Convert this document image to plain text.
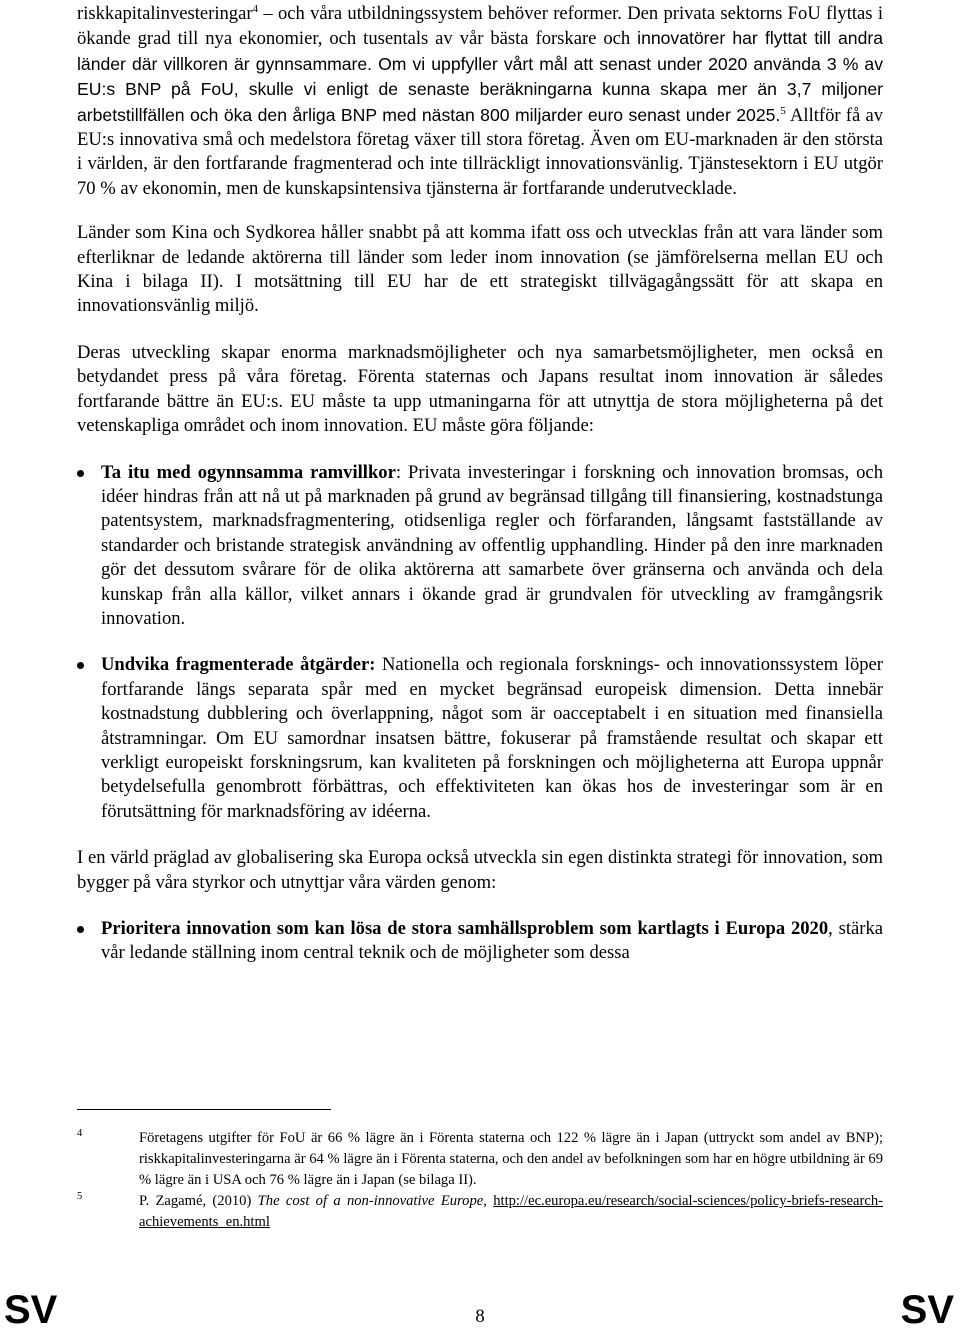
riskkapitalinvesteringar$^4$ – och våra utbildningssystem behöver reformer. Den privata sektorns FoU flyttas i ökande grad till nya ekonomier, och tusentals av vår bästa forskare och innovatörer har flyttat till andra länder där villkoren är gynnsammare. Om vi uppfyller vårt mål att senast under 2020 använda 3 % av EU:s BNP på FoU, skulle vi enligt de senaste beräkningarna kunna skapa mer än 3,7 miljoner arbetstillfällen och öka den årliga BNP med nästan 800 miljarder euro senast under 2025.$^5$ Alltför få av EU:s innovativa små och medelstora företag växer till stora företag. Även om EU-marknaden är den största i världen, är den fortfarande fragmenterad och inte tillräckligt innovationsvänlig. Tjänstesektorn i EU utgör 70 % av ekonomin, men de kunskapsintensiva tjänsterna är fortfarande underutvecklade.

Länder som Kina och Sydkorea håller snabbt på att komma ifatt oss och utvecklas från att vara länder som efterliknar de ledande aktörerna till länder som leder inom innovation (se jämförelserna mellan EU och Kina i bilaga II). I motsättning till EU har de ett strategiskt tillvägagångssätt för att skapa en innovationsvänlig miljö.

Deras utveckling skapar enorma marknadsmöjligheter och nya samarbetsmöjligheter, men också en betydandet press på våra företag. Förenta staternas och Japans resultat inom innovation är således fortfarande bättre än EU:s. EU måste ta upp utmaningarna för att utnyttja de stora möjligheterna på det vetenskapliga området och inom innovation. EU måste göra följande:

Ta itu med ogynnsamma ramvillkor: Privata investeringar i forskning och innovation bromsas, och idéer hindras från att nå ut på marknaden på grund av begränsad tillgång till finansiering, kostnadstunga patentsystem, marknadsfragmentering, otidsenliga regler och förfaranden, långsamt fastställande av standarder och bristande strategisk användning av offentlig upphandling. Hinder på den inre marknaden gör det dessutom svårare för de olika aktörerna att samarbete över gränserna och använda och dela kunskap från alla källor, vilket annars i ökande grad är grundvalen för utveckling av framgångsrik innovation.
Undvika fragmenterade åtgärder: Nationella och regionala forsknings- och innovationssystem löper fortfarande längs separata spår med en mycket begränsad europeisk dimension. Detta innebär kostnadstung dubblering och överlappning, något som är oacceptabelt i en situation med finansiella åtstramningar. Om EU samordnar insatsen bättre, fokuserar på framstående resultat och skapar ett verkligt europeiskt forskningsrum, kan kvaliteten på forskningen och möjligheterna att Europa uppnår betydelsefulla genombrott förbättras, och effektiviteten kan ökas hos de investeringar som är en förutsättning för marknadsföring av idéerna.

I en värld präglad av globalisering ska Europa också utveckla sin egen distinkta strategi för innovation, som bygger på våra styrkor och utnyttjar våra värden genom:

Prioritera innovation som kan lösa de stora samhällsproblem som kartlagts i Europa 2020, stärka vår ledande ställning inom central teknik och de möjligheter som dessa
4	Företagens utgifter för FoU är 66 % lägre än i Förenta staterna och 122 % lägre än i Japan (uttryckt som andel av BNP); riskkapitalinvesteringarna är 64 % lägre än i Förenta staterna, och den andel av befolkningen som har en högre utbildning är 69 % lägre än i USA och 76 % lägre än i Japan (se bilaga II).
5	P. Zagamé, (2010) The cost of a non-innovative Europe, http://ec.europa.eu/research/social-sciences/policy-briefs-research-achievements_en.html
SV	8	SV
